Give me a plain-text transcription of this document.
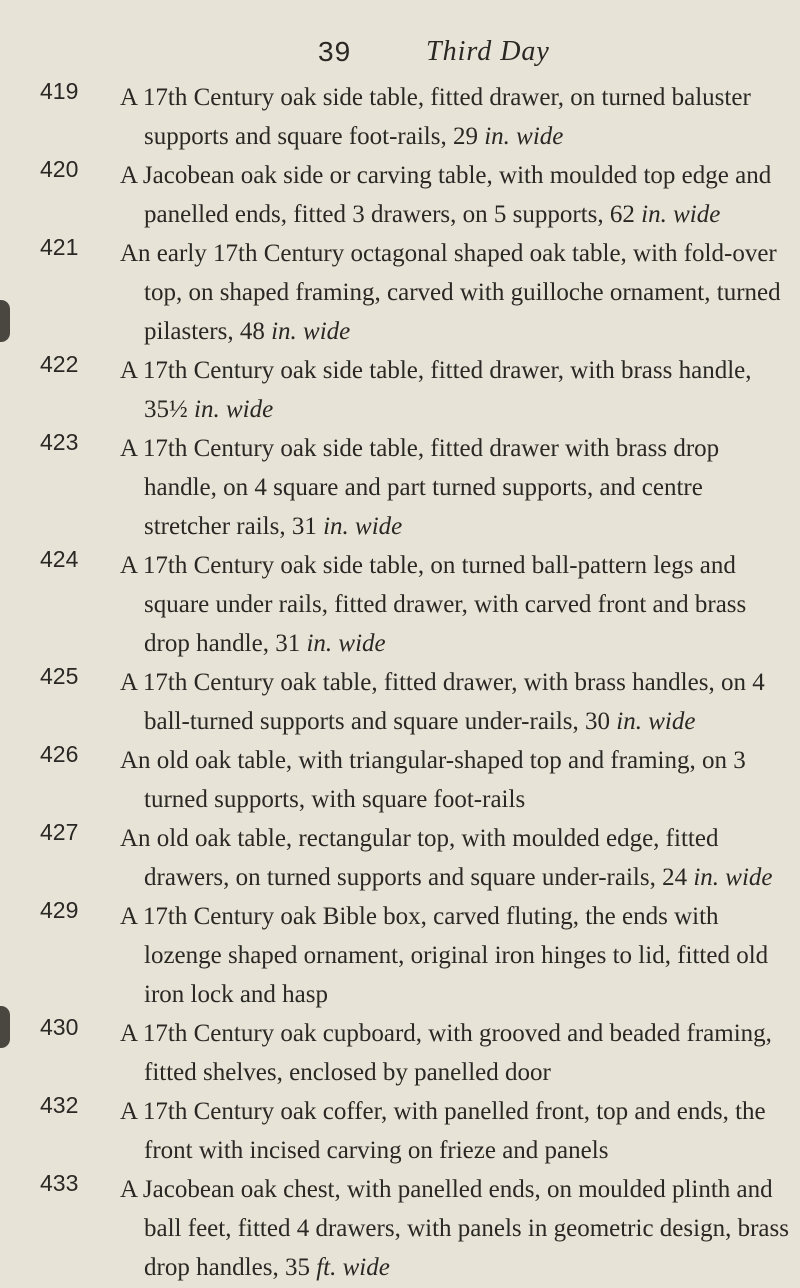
39	Third Day
419 A 17th Century oak side table, fitted drawer, on turned baluster supports and square foot-rails, 29 in. wide
420 A Jacobean oak side or carving table, with moulded top edge and panelled ends, fitted 3 drawers, on 5 supports, 62 in. wide
421 An early 17th Century octagonal shaped oak table, with fold-over top, on shaped framing, carved with guilloche ornament, turned pilasters, 48 in. wide
422 A 17th Century oak side table, fitted drawer, with brass handle, 35½ in. wide
423 A 17th Century oak side table, fitted drawer with brass drop handle, on 4 square and part turned supports, and centre stretcher rails, 31 in. wide
424 A 17th Century oak side table, on turned ball-pattern legs and square under rails, fitted drawer, with carved front and brass drop handle, 31 in. wide
425 A 17th Century oak table, fitted drawer, with brass handles, on 4 ball-turned supports and square under-rails, 30 in. wide
426 An old oak table, with triangular-shaped top and framing, on 3 turned supports, with square foot-rails
427 An old oak table, rectangular top, with moulded edge, fitted drawers, on turned supports and square under-rails, 24 in. wide
429 A 17th Century oak Bible box, carved fluting, the ends with lozenge shaped ornament, original iron hinges to lid, fitted old iron lock and hasp
430 A 17th Century oak cupboard, with grooved and beaded framing, fitted shelves, enclosed by panelled door
432 A 17th Century oak coffer, with panelled front, top and ends, the front with incised carving on frieze and panels
433 A Jacobean oak chest, with panelled ends, on moulded plinth and ball feet, fitted 4 drawers, with panels in geometric design, brass drop handles, 35 ft. wide
